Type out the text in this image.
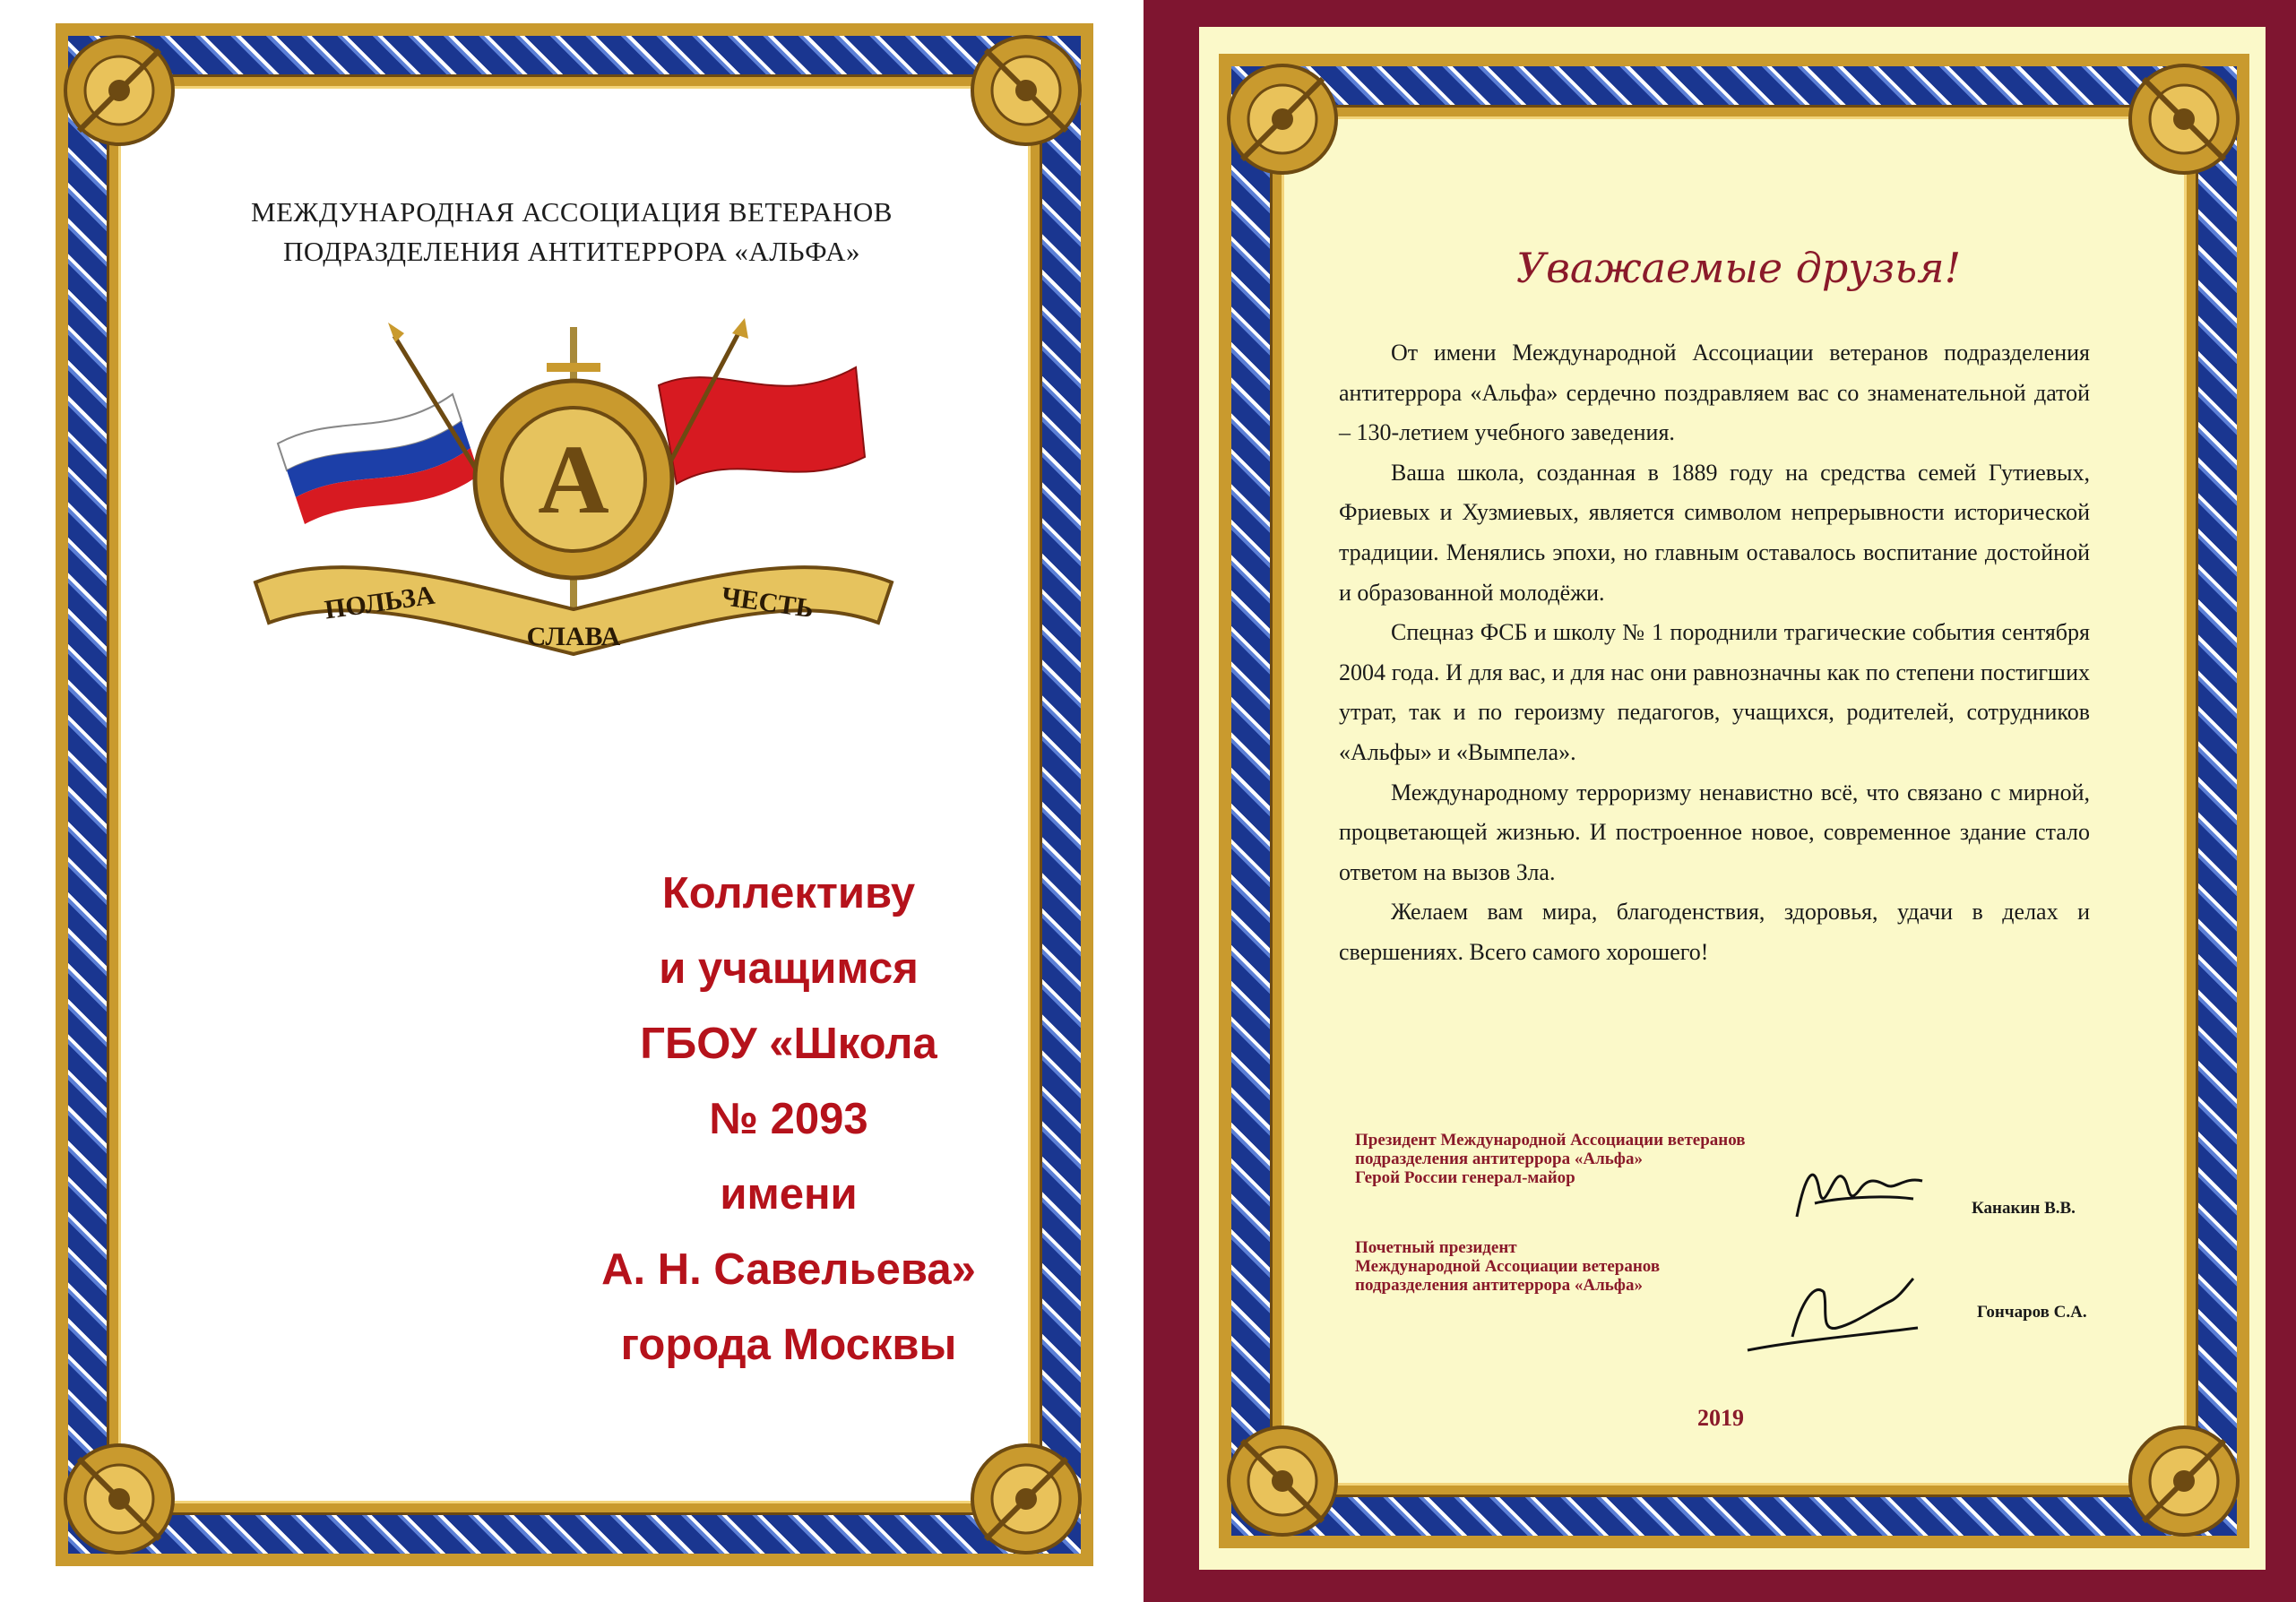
МЕЖДУНАРОДНАЯ АССОЦИАЦИЯ ВЕТЕРАНОВ
ПОДРАЗДЕЛЕНИЯ АНТИТЕРРОРА «АЛЬФА»
А
ПОЛЬЗА
СЛАВА
ЧЕСТЬ
Коллективу
и учащимся
ГБОУ «Школа
№ 2093
имени
А. Н. Савельева»
города Москвы
Уважаемые друзья!

От имени Международной Ассоциации ветеранов подразделения антитеррора «Альфа» сердечно поздравляем вас со знаменательной датой – 130-летием учебного заведения.

Ваша школа, созданная в 1889 году на средства семей Гутиевых, Фриевых и Хузмиевых, является символом непрерывности исторической традиции. Менялись эпохи, но главным оставалось воспитание достойной и образованной молодёжи.

Спецназ ФСБ и школу № 1 породнили трагические события сентября 2004 года. И для вас, и для нас они равнозначны как по степени постигших утрат, так и по героизму педагогов, учащихся, родителей, сотрудников «Альфы» и «Вымпела».

Международному терроризму ненавистно всё, что связано с мирной, процветающей жизнью. И построенное новое, современное здание стало ответом на вызов Зла.

Желаем вам мира, благоденствия, здоровья, удачи в делах и свершениях. Всего самого хорошего!

Президент Международной Ассоциации ветеранов
подразделения антитеррора «Альфа»
Герой России генерал-майор
Канакин В.В.
Почетный президент
Международной Ассоциации ветеранов
подразделения антитеррора «Альфа»
Гончаров С.А.
2019
